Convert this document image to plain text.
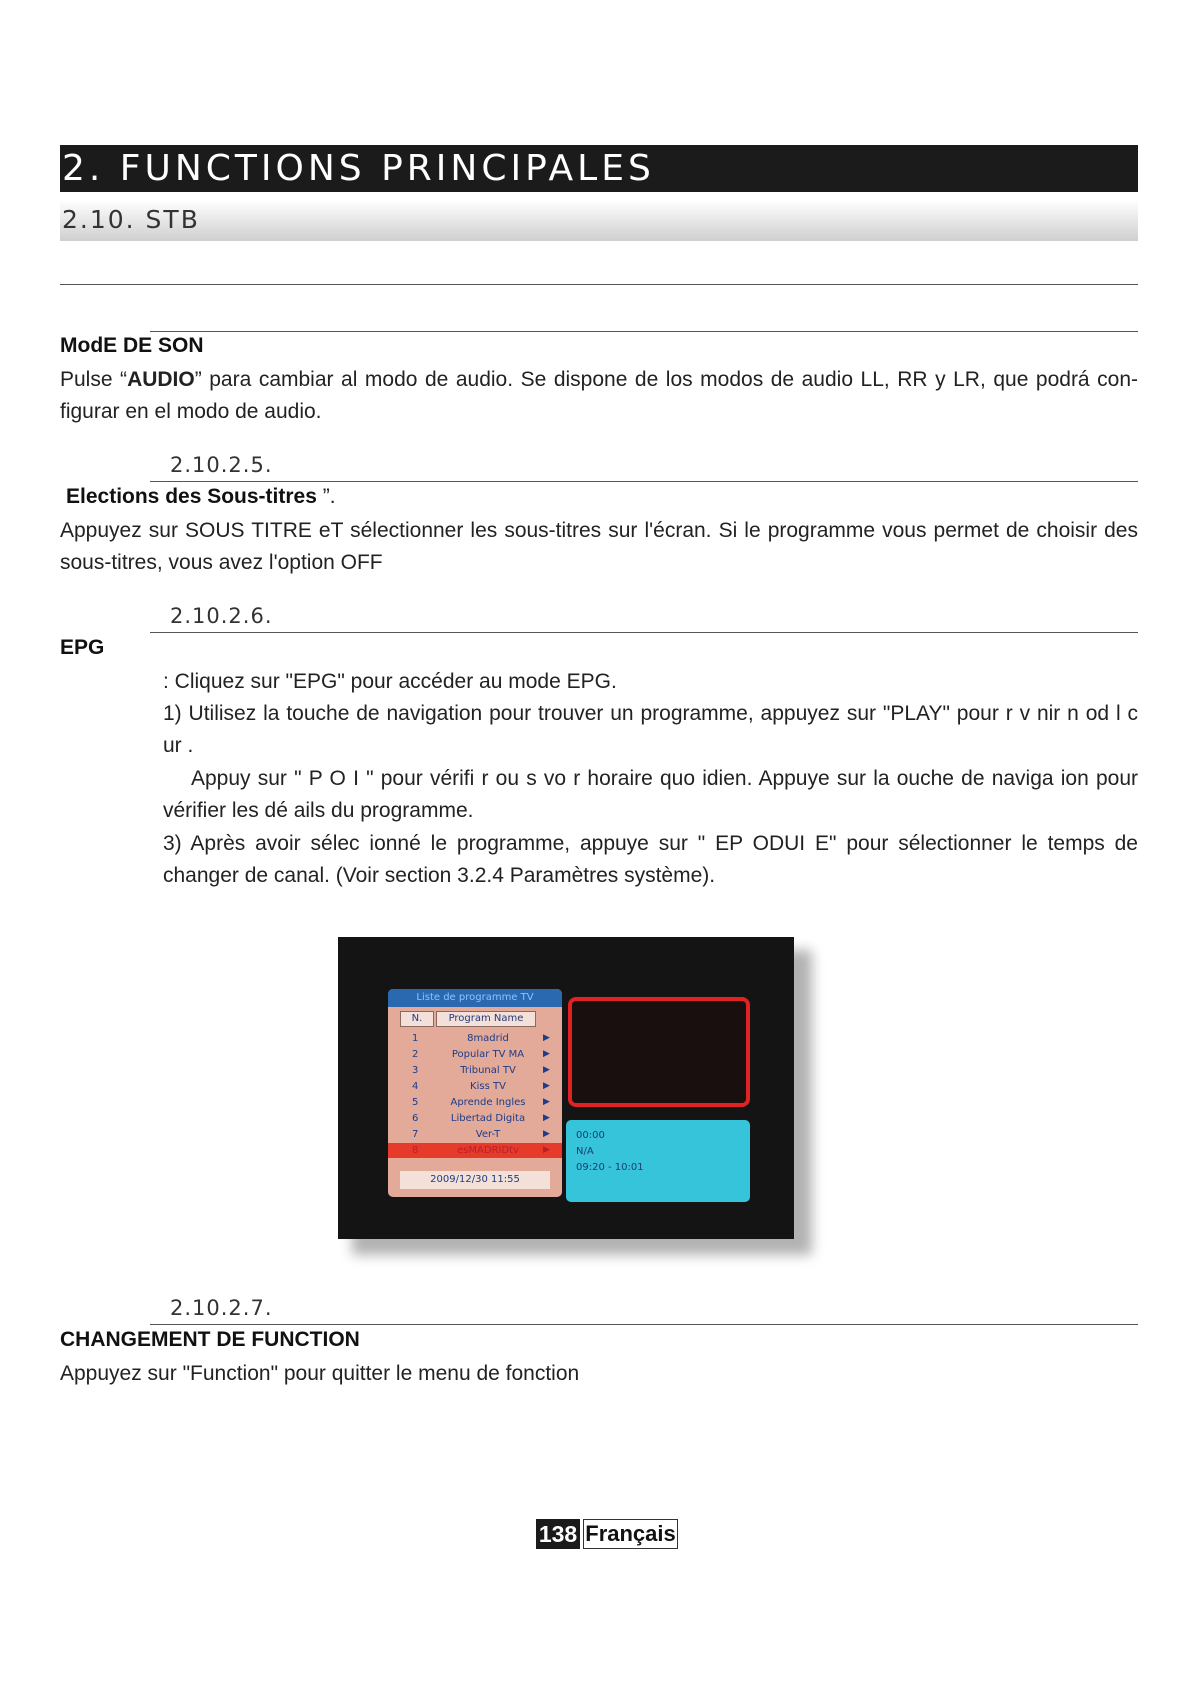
2. FUNCTIONS PRINCIPALES
2.10. STB
ModE DE SON
Pulse “AUDIO” para cambiar al modo de audio. Se dispone de los modos de audio LL, RR y LR, que podrá con-figurar en el modo de audio.
2.10.2.5.
Elections des Sous-titres ”.
Appuyez sur SOUS TITRE eT sélectionner les sous-titres sur l'écran. Si le programme vous permet de choisir des sous-titres, vous avez l'option OFF
2.10.2.6.
EPG
: Cliquez sur "EPG" pour accéder au mode EPG.
1) Utilisez la touche de navigation pour trouver un programme, appuyez sur "PLAY" pour r v nir n od l c ur .
Appuy sur " P O I " pour vérifi r ou s vo r horaire quo idien. Appuye sur la ouche de naviga ion pour vérifier les dé ails du programme.
3) Après avoir sélec ionné le programme, appuye sur " EP ODUI E" pour sélectionner le temps de changer de canal. (Voir section 3.2.4 Paramètres système).
Liste de programme TV
N.	Program Name
1	8madrid	▶
2	Popular TV MA	▶
3	Tribunal TV	▶
4	Kiss TV	▶
5	Aprende Ingles	▶
6	Libertad Digita	▶
7	Ver-T	▶
8	esMADRIDtv	▶
2009/12/30 11:55
00:00
N/A
09:20 - 10:01
2.10.2.7.
CHANGEMENT DE FUNCTION
Appuyez sur "Function" pour quitter le menu de fonction
138 Français
